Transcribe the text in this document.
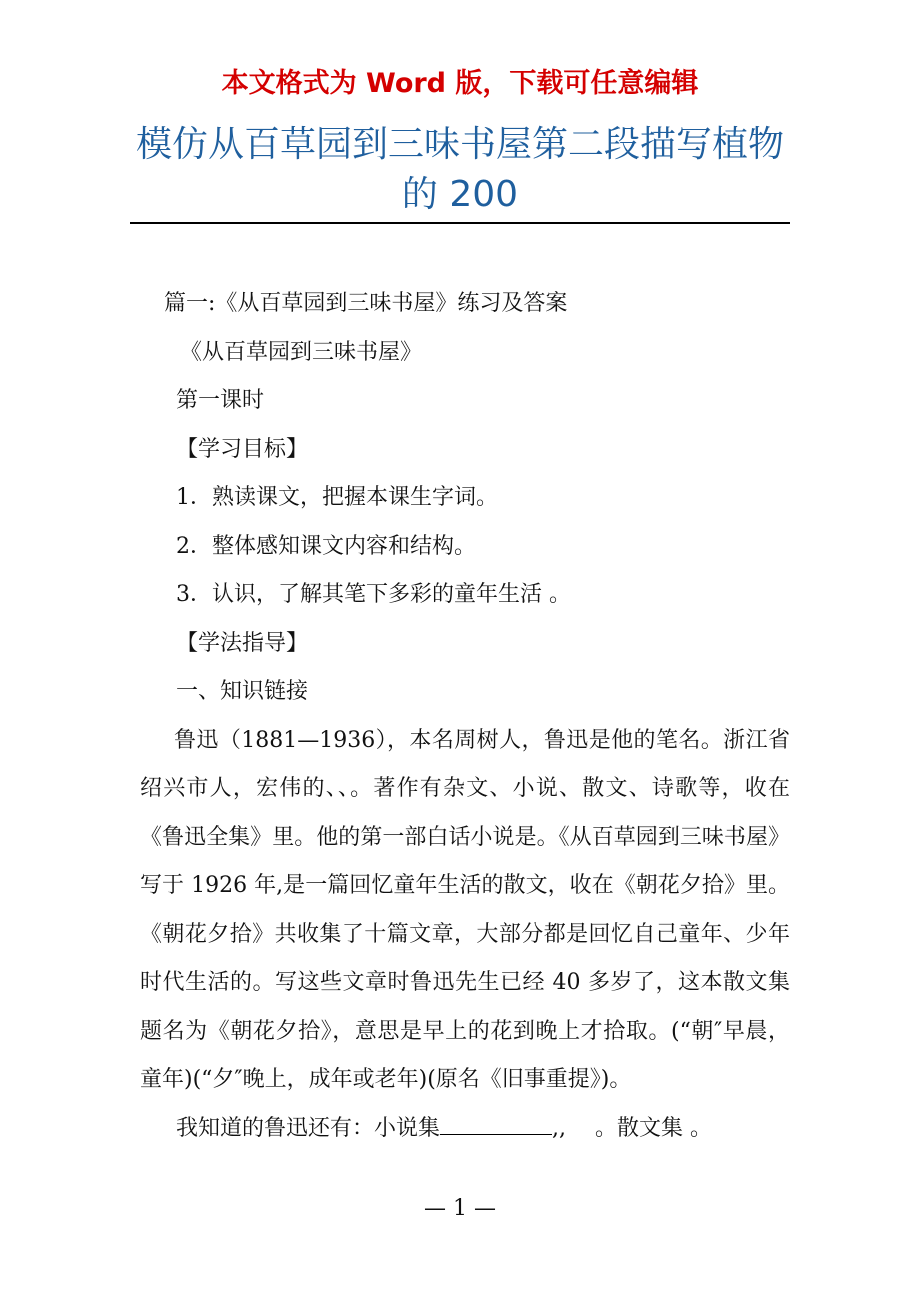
本文格式为 Word 版，下载可任意编辑
模仿从百草园到三味书屋第二段描写植物
的 200
篇一:《从百草园到三味书屋》练习及答案
《从百草园到三味书屋》
第一课时
【学习目标】
1．熟读课文，把握本课生字词。
2．整体感知课文内容和结构。
3．认识，了解其笔下多彩的童年生活 。
【学法指导】
一、知识链接

鲁迅（1881—1936），本名周树人，鲁迅是他的笔名。浙江省绍兴市人，宏伟的、、。著作有杂文、小说、散文、诗歌等，收在《鲁迅全集》里。他的第一部白话小说是。《从百草园到三味书屋》写于 1926 年,是一篇回忆童年生活的散文，收在《朝花夕拾》里。《朝花夕拾》共收集了十篇文章，大部分都是回忆自己童年、少年时代生活的。写这些文章时鲁迅先生已经 40 多岁了，这本散文集题名为《朝花夕拾》，意思是早上的花到晚上才拾取。(“朝″早晨，童年)(“夕″晚上，成年或老年)(原名《旧事重提》)。

我知道的鲁迅还有：小说集	,,　 。散文集 。
— 1 —
